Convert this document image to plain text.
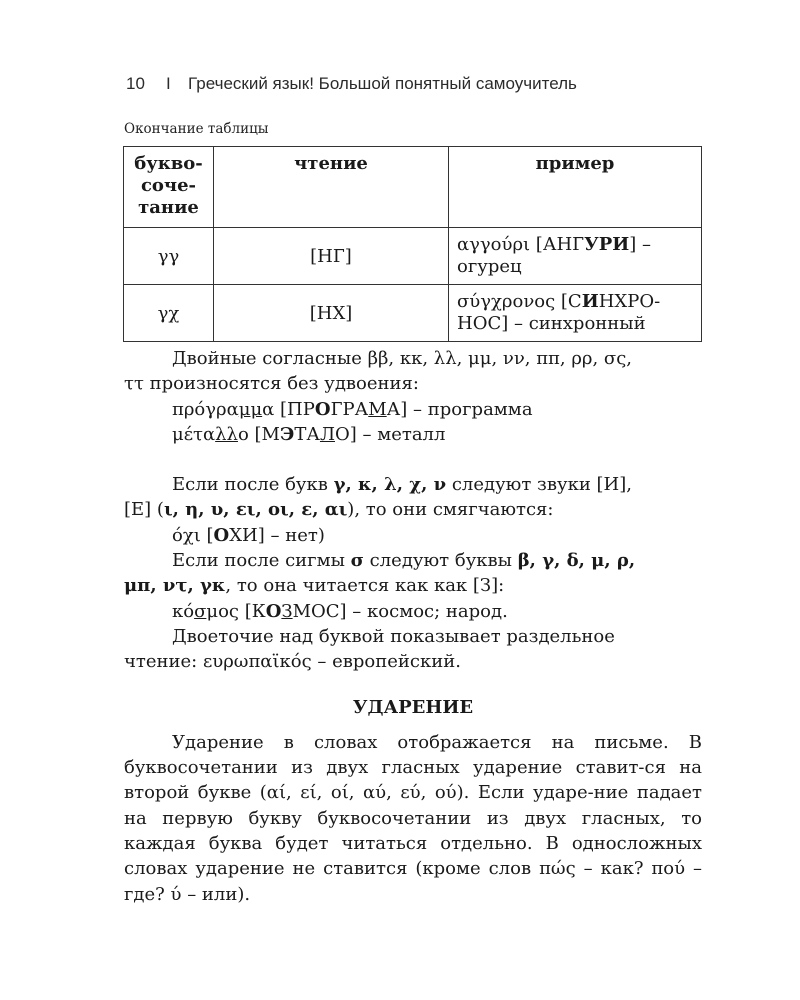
10 I Греческий язык! Большой понятный самоучитель
Окончание таблицы
букво-
соче-
тание	чтение	пример
γγ	[НГ]	αγγούρι [АНГУРИ] –
огурец
γχ	[НХ]	σύγχρονος [СИНХРО-
НОС] – синхронный

Двойные согласные ββ, κκ, λλ, μμ, νν, ππ, ρρ, σς,

ττ произносятся без удвоения:

πρόγραμμα [ПРОГРАМА] – программа

μέταλλο [МЭТАЛО] – металл

Если после букв γ, κ, λ, χ, ν следуют звуки [И],

[Е] (ι, η, υ, ει, οι, ε, αι), то они смягчаются:

όχι [ОХИ] – нет)

Если после сигмы σ следуют буквы β, γ, δ, μ, ρ,

μπ, ντ, γκ, то она читается как как [З]:

κόσμος [КОЗМОС] – космос; народ.

Двоеточие над буквой показывает раздельное

чтение: ευρωπαϊκός – европейский.

УДАРЕНИЕ

Ударение в словах отображается на письме. В буквосочетании из двух гласных ударение ставит-ся на второй букве (αί, εί, οί, αύ, εύ, ού). Если ударе-ние падает на первую букву буквосочетании из двух гласных, то каждая буква будет читаться отдельно. В односложных словах ударение не ставится (кроме слов πώς – как? πού – где? ύ – или).
